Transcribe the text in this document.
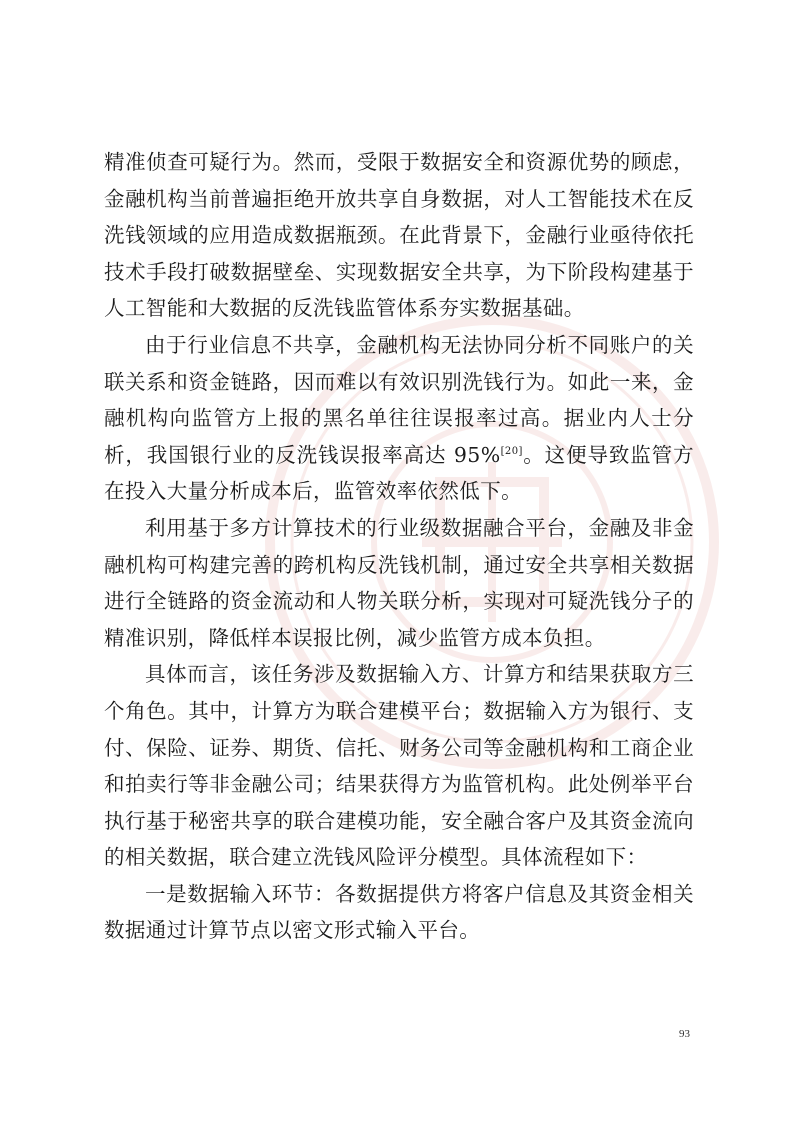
精准侦查可疑行为。然而，受限于数据安全和资源优势的顾虑，金融机构当前普遍拒绝开放共享自身数据，对人工智能技术在反洗钱领域的应用造成数据瓶颈。在此背景下，金融行业亟待依托技术手段打破数据壁垒、实现数据安全共享，为下阶段构建基于人工智能和大数据的反洗钱监管体系夯实数据基础。

由于行业信息不共享，金融机构无法协同分析不同账户的关联关系和资金链路，因而难以有效识别洗钱行为。如此一来，金融机构向监管方上报的黑名单往往误报率过高。据业内人士分析，我国银行业的反洗钱误报率高达 95%[20]。这便导致监管方在投入大量分析成本后，监管效率依然低下。

利用基于多方计算技术的行业级数据融合平台，金融及非金融机构可构建完善的跨机构反洗钱机制，通过安全共享相关数据进行全链路的资金流动和人物关联分析，实现对可疑洗钱分子的精准识别，降低样本误报比例，减少监管方成本负担。

具体而言，该任务涉及数据输入方、计算方和结果获取方三个角色。其中，计算方为联合建模平台；数据输入方为银行、支付、保险、证券、期货、信托、财务公司等金融机构和工商企业和拍卖行等非金融公司；结果获得方为监管机构。此处例举平台执行基于秘密共享的联合建模功能，安全融合客户及其资金流向的相关数据，联合建立洗钱风险评分模型。具体流程如下：

一是数据输入环节：各数据提供方将客户信息及其资金相关数据通过计算节点以密文形式输入平台。

93
